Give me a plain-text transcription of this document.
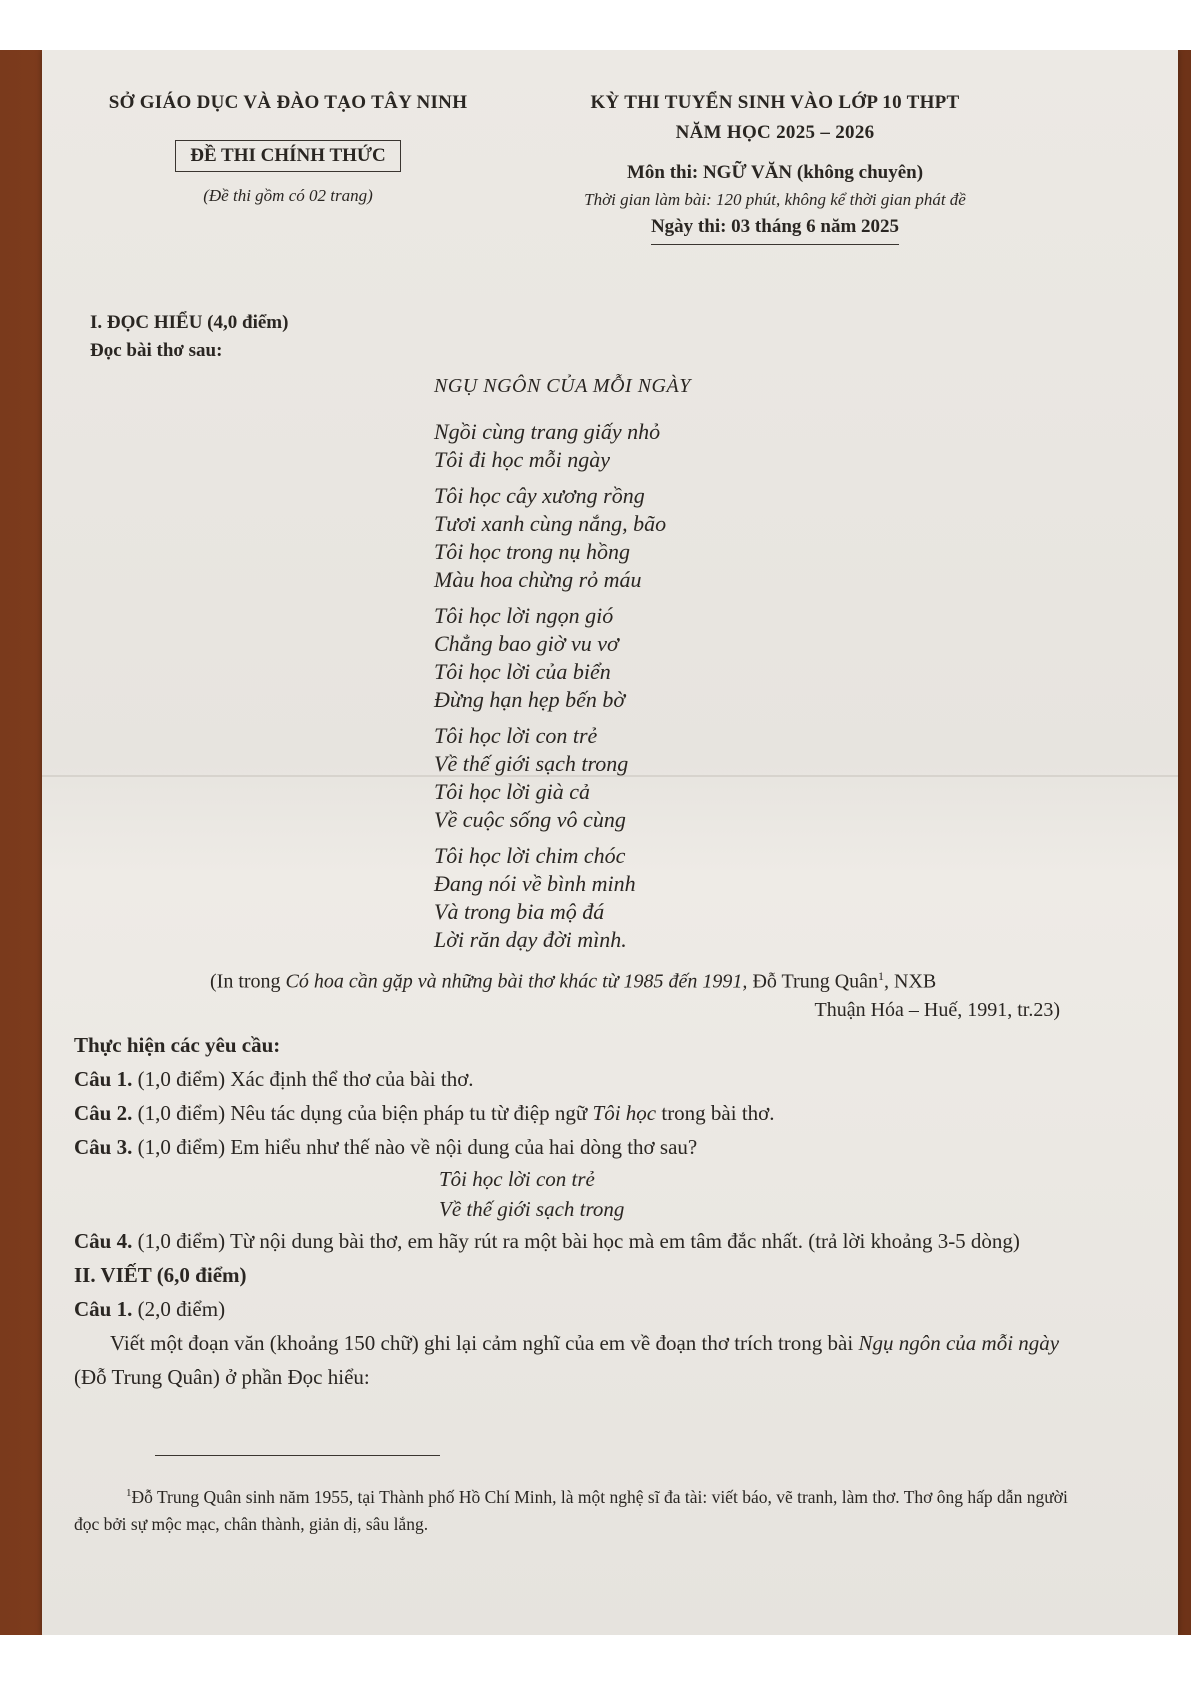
SỞ GIÁO DỤC VÀ ĐÀO TẠO TÂY NINH
ĐỀ THI CHÍNH THỨC
(Đề thi gồm có 02 trang)
KỲ THI TUYỂN SINH VÀO LỚP 10 THPT
NĂM HỌC 2025 – 2026
Môn thi: NGỮ VĂN (không chuyên)
Thời gian làm bài: 120 phút, không kể thời gian phát đề
Ngày thi: 03 tháng 6 năm 2025
I. ĐỌC HIỂU (4,0 điểm)
Đọc bài thơ sau:
NGỤ NGÔN CỦA MỖI NGÀY
Ngồi cùng trang giấy nhỏ
Tôi đi học mỗi ngày
Tôi học cây xương rồng
Tươi xanh cùng nắng, bão
Tôi học trong nụ hồng
Màu hoa chừng rỏ máu
Tôi học lời ngọn gió
Chẳng bao giờ vu vơ
Tôi học lời của biển
Đừng hạn hẹp bến bờ
Tôi học lời con trẻ
Về thế giới sạch trong
Tôi học lời già cả
Về cuộc sống vô cùng
Tôi học lời chim chóc
Đang nói về bình minh
Và trong bia mộ đá
Lời răn dạy đời mình.
(In trong Có hoa cần gặp và những bài thơ khác từ 1985 đến 1991, Đỗ Trung Quân$^1$, NXB
Thuận Hóa – Huế, 1991, tr.23)
Thực hiện các yêu cầu:
Câu 1. (1,0 điểm) Xác định thể thơ của bài thơ.
Câu 2. (1,0 điểm) Nêu tác dụng của biện pháp tu từ điệp ngữ Tôi học trong bài thơ.
Câu 3. (1,0 điểm) Em hiểu như thế nào về nội dung của hai dòng thơ sau?
Tôi học lời con trẻ
Về thế giới sạch trong
Câu 4. (1,0 điểm) Từ nội dung bài thơ, em hãy rút ra một bài học mà em tâm đắc nhất. (trả lời khoảng 3-5 dòng)
II. VIẾT (6,0 điểm)
Câu 1. (2,0 điểm)
Viết một đoạn văn (khoảng 150 chữ) ghi lại cảm nghĩ của em về đoạn thơ trích trong bài Ngụ ngôn của mỗi ngày (Đỗ Trung Quân) ở phần Đọc hiểu:
$^1$Đỗ Trung Quân sinh năm 1955, tại Thành phố Hồ Chí Minh, là một nghệ sĩ đa tài: viết báo, vẽ tranh, làm thơ. Thơ ông hấp dẫn người đọc bởi sự mộc mạc, chân thành, giản dị, sâu lắng.
